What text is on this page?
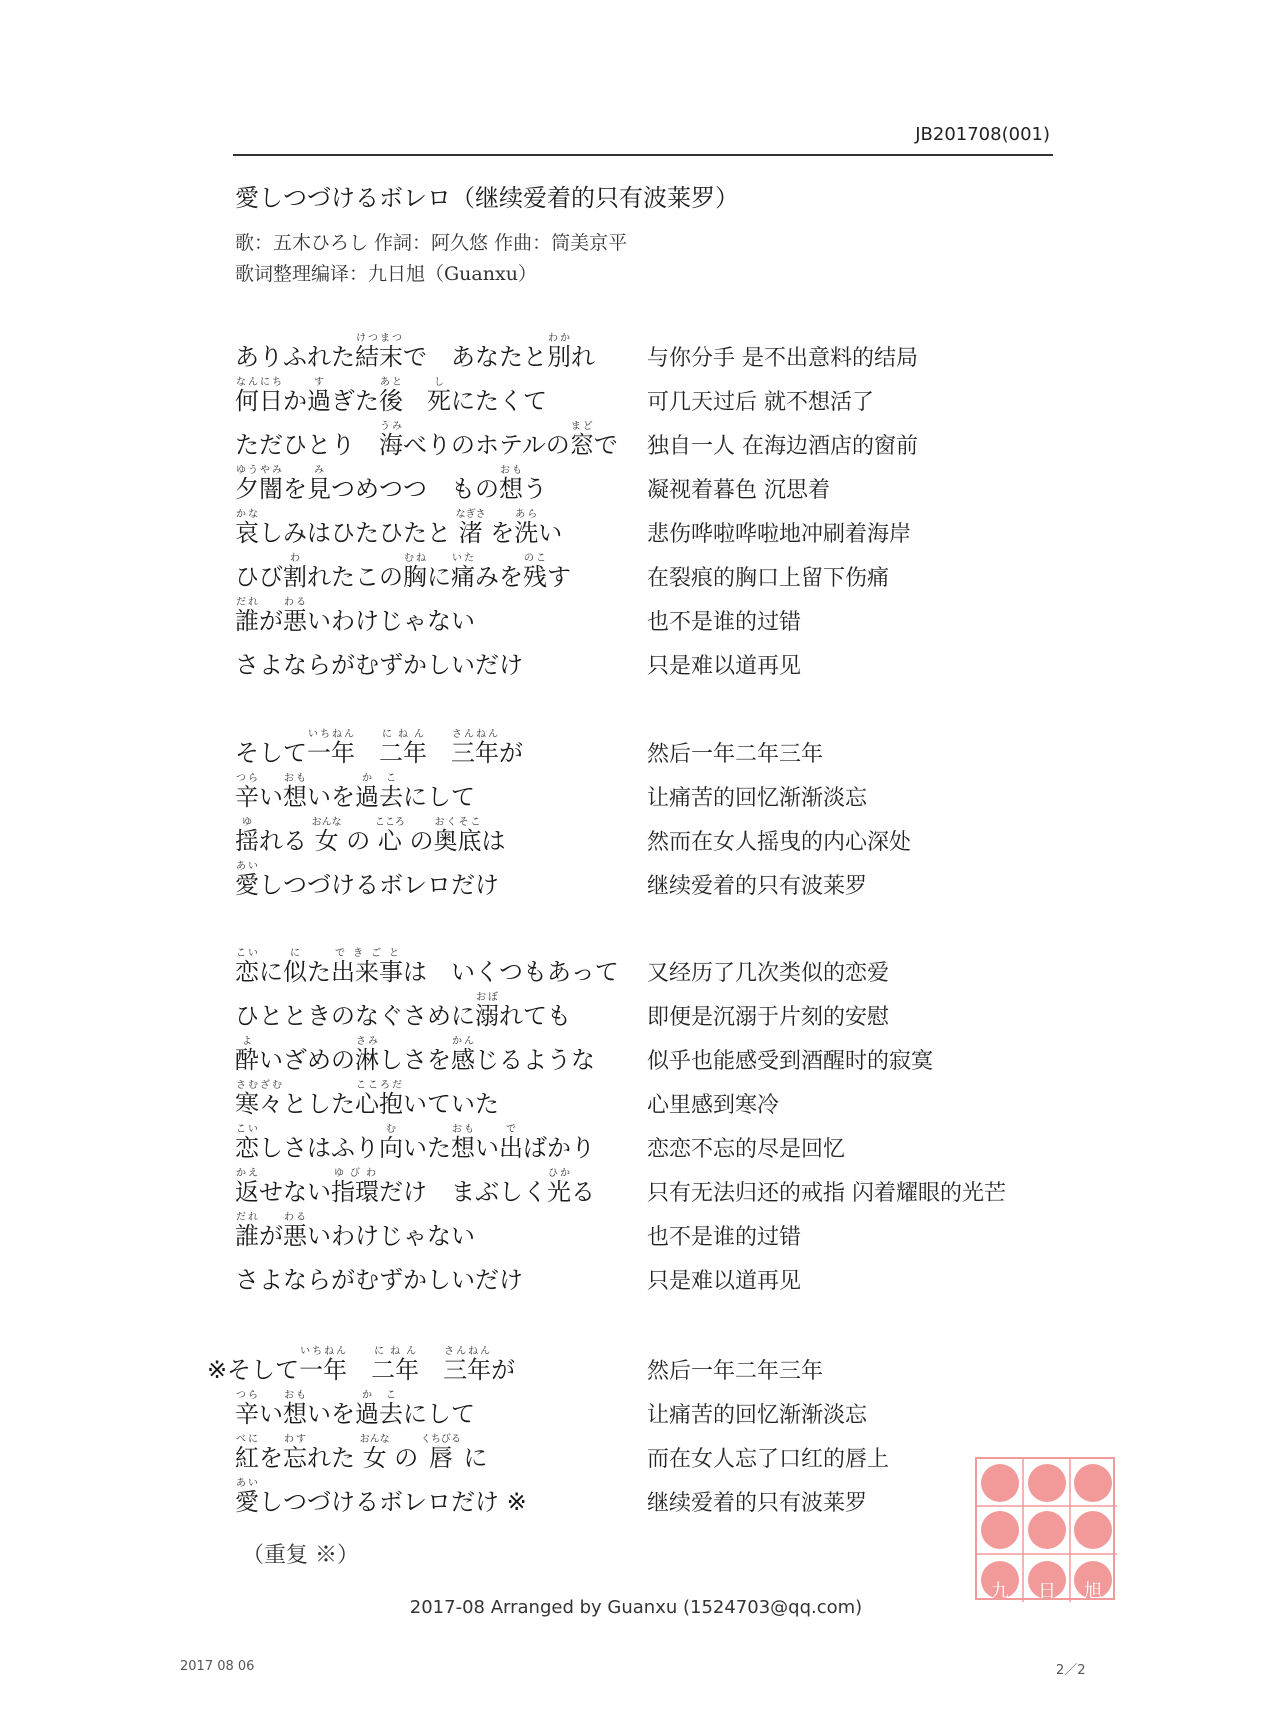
JB201708(001)
愛しつづけるボレロ（继续爱着的只有波莱罗）
歌：五木ひろし 作詞：阿久悠 作曲：筒美京平
歌词整理编译：九日旭（Guanxu）
ありふれた結末けつまつで　あなたと別わかれ 与你分手 是不出意料的结局
何日なんにちか過すぎた後あと　死しにたくて	可几天过后 就不想活了
ただひとり　海うみべりのホテルの窓まどで 独自一人 在海边酒店的窗前
夕闇ゆうやみを見みつめつつ　もの想おもう	凝视着暮色 沉思着
哀かなしみはひたひたと 渚なぎさ を洗あらい	悲伤哗啦哗啦地冲刷着海岸
ひび割われたこの胸むねに痛いたみを残のこす	在裂痕的胸口上留下伤痛
誰だれが悪わるいわけじゃない	也不是谁的过错
さよならがむずかしいだけ	只是难以道再见
そして一年いちねん　二年にねん　三年さんねんが	然后一年二年三年
辛つらい想おもいを過去かこにして	让痛苦的回忆渐渐淡忘
揺ゆれる 女おんな の 心こころ の奥底おくそこは	然而在女人摇曳的内心深处
愛あいしつづけるボレロだけ	继续爱着的只有波莱罗
恋こいに似にた出来事できごとは　いくつもあって 又经历了几次类似的恋爱
ひとときのなぐさめに溺おぼれても	即便是沉溺于片刻的安慰
酔よいざめの淋さみしさを感かんじるような 似乎也能感受到酒醒时的寂寞
寒々さむざむとした心抱こころだいていた	心里感到寒冷
恋こいしさはふり向むいた想おもい出でばかり 恋恋不忘的尽是回忆
返かえせない指環ゆびわだけ　まぶしく光ひかる 只有无法归还的戒指 闪着耀眼的光芒
誰だれが悪わるいわけじゃない	也不是谁的过错
さよならがむずかしいだけ	只是难以道再见
※そして一年いちねん　二年にねん　三年さんねんが	然后一年二年三年
辛つらい想おもいを過去かこにして	让痛苦的回忆渐渐淡忘
紅べにを忘わすれた 女おんな の 唇くちびる に	而在女人忘了口红的唇上
愛あいしつづけるボレロだけ ※	继续爱着的只有波莱罗
（重复 ※）
九 日 旭
2017-08 Arranged by Guanxu (1524703@qq.com)
2017 08 06	2／2
